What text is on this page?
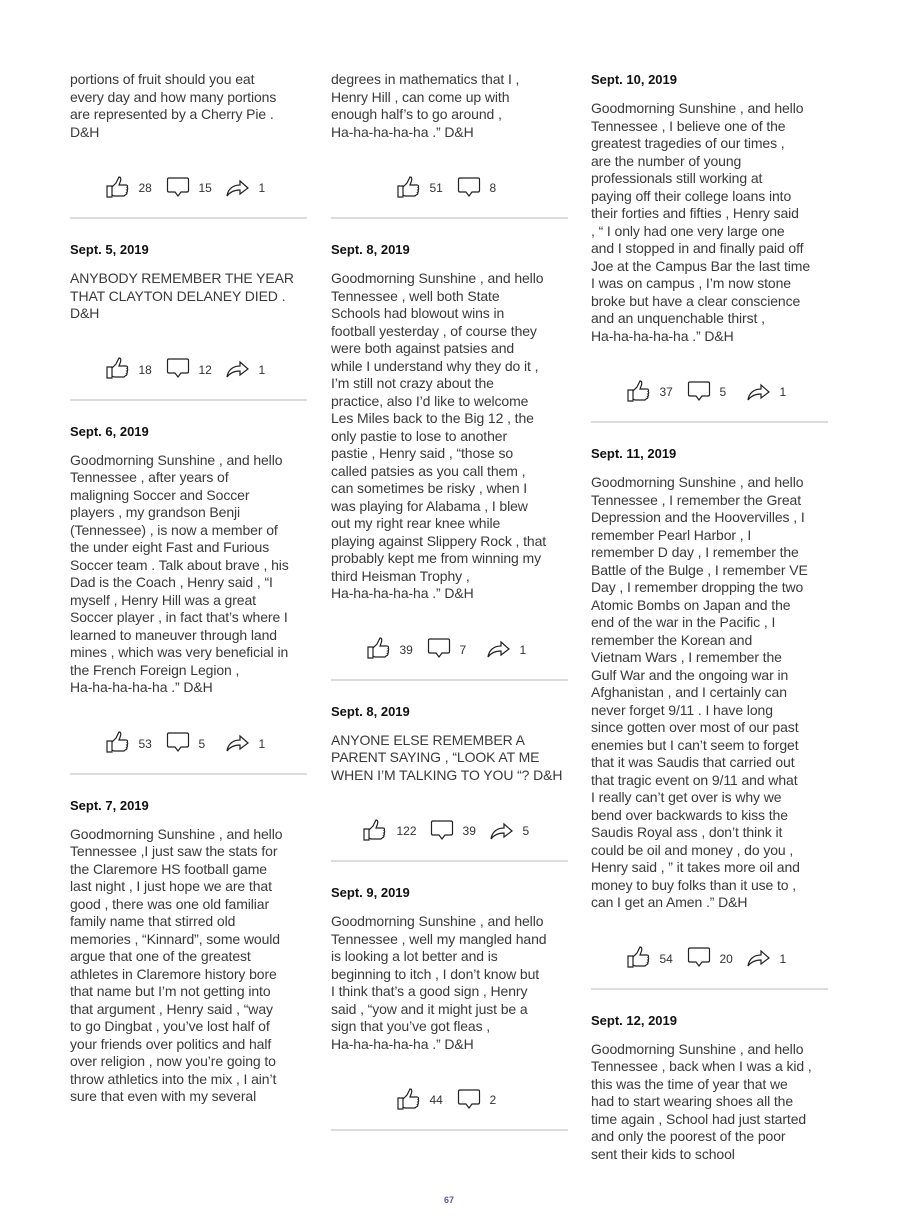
portions of fruit should you eat
every day and how many portions
are represented by a Cherry Pie .
D&H
28	15	1
Sept. 5, 2019
ANYBODY REMEMBER THE YEAR
THAT CLAYTON DELANEY DIED .
D&H
18	12	1
Sept. 6, 2019
Goodmorning Sunshine , and hello
Tennessee , after years of
maligning Soccer and Soccer
players , my grandson Benji
(Tennessee) , is now a member of
the under eight Fast and Furious
Soccer team . Talk about brave , his
Dad is the Coach , Henry said , “I
myself , Henry Hill was a great
Soccer player , in fact that’s where I
learned to maneuver through land
mines , which was very beneficial in
the French Foreign Legion ,
Ha-ha-ha-ha-ha .” D&H
53	5	1
Sept. 7, 2019
Goodmorning Sunshine , and hello
Tennessee ,I just saw the stats for
the Claremore HS football game
last night , I just hope we are that
good , there was one old familiar
family name that stirred old
memories , “Kinnard”, some would
argue that one of the greatest
athletes in Claremore history bore
that name but I’m not getting into
that argument , Henry said , “way
to go Dingbat , you’ve lost half of
your friends over politics and half
over religion , now you’re going to
throw athletics into the mix , I ain’t
sure that even with my several
degrees in mathematics that I ,
Henry Hill , can come up with
enough half’s to go around ,
Ha-ha-ha-ha-ha .” D&H
51	8
Sept. 8, 2019
Goodmorning Sunshine , and hello
Tennessee , well both State
Schools had blowout wins in
football yesterday , of course they
were both against patsies and
while I understand why they do it ,
I’m still not crazy about the
practice, also I’d like to welcome
Les Miles back to the Big 12 , the
only pastie to lose to another
pastie , Henry said , “those so
called patsies as you call them ,
can sometimes be risky , when I
was playing for Alabama , I blew
out my right rear knee while
playing against Slippery Rock , that
probably kept me from winning my
third Heisman Trophy ,
Ha-ha-ha-ha-ha .” D&H
39	7	1
Sept. 8, 2019
ANYONE ELSE REMEMBER A
PARENT SAYING , “LOOK AT ME
WHEN I’M TALKING TO YOU “? D&H
122	39	5
Sept. 9, 2019
Goodmorning Sunshine , and hello
Tennessee , well my mangled hand
is looking a lot better and is
beginning to itch , I don’t know but
I think that’s a good sign , Henry
said , “yow and it might just be a
sign that you’ve got fleas ,
Ha-ha-ha-ha-ha .” D&H
44	2
Sept. 10, 2019
Goodmorning Sunshine , and hello
Tennessee , I believe one of the
greatest tragedies of our times ,
are the number of young
professionals still working at
paying off their college loans into
their forties and fifties , Henry said
, “ I only had one very large one
and I stopped in and finally paid off
Joe at the Campus Bar the last time
I was on campus , I’m now stone
broke but have a clear conscience
and an unquenchable thirst ,
Ha-ha-ha-ha-ha .” D&H
37	5	1
Sept. 11, 2019
Goodmorning Sunshine , and hello
Tennessee , I remember the Great
Depression and the Hoovervilles , I
remember Pearl Harbor , I
remember D day , I remember the
Battle of the Bulge , I remember VE
Day , I remember dropping the two
Atomic Bombs on Japan and the
end of the war in the Pacific , I
remember the Korean and
Vietnam Wars , I remember the
Gulf War and the ongoing war in
Afghanistan , and I certainly can
never forget 9/11 . I have long
since gotten over most of our past
enemies but I can’t seem to forget
that it was Saudis that carried out
that tragic event on 9/11 and what
I really can’t get over is why we
bend over backwards to kiss the
Saudis Royal ass , don’t think it
could be oil and money , do you ,
Henry said , ” it takes more oil and
money to buy folks than it use to ,
can I get an Amen .” D&H
54	20	1
Sept. 12, 2019
Goodmorning Sunshine , and hello
Tennessee , back when I was a kid ,
this was the time of year that we
had to start wearing shoes all the
time again , School had just started
and only the poorest of the poor
sent their kids to school
67
